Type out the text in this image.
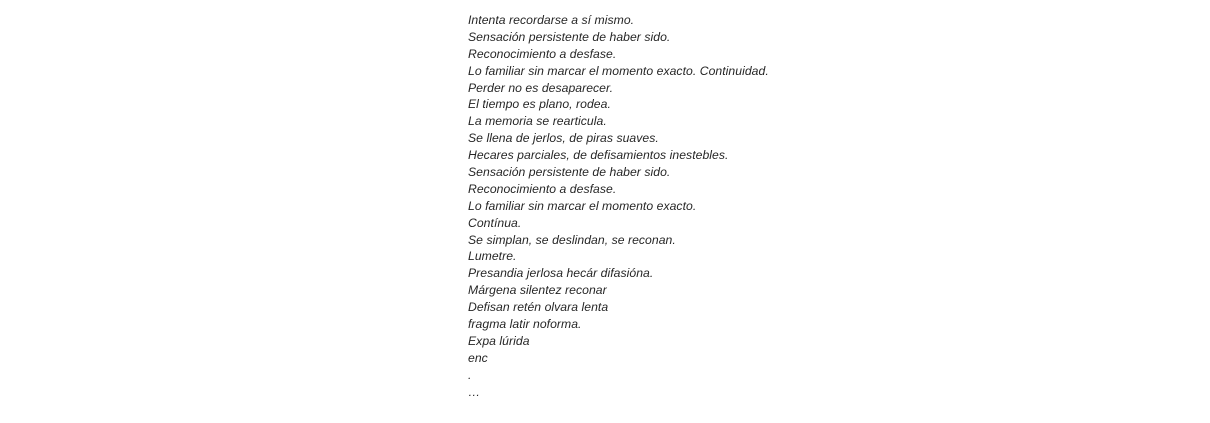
Intenta recordarse a sí mismo.
Sensación persistente de haber sido.
Reconocimiento a desfase.
Lo familiar sin marcar el momento exacto. Continuidad.
Perder no es desaparecer.
El tiempo es plano, rodea.
La memoria se rearticula.
Se llena de jerlos, de piras suaves.
Hecares parciales, de defisamientos inestebles.
Sensación persistente de haber sido.
Reconocimiento a desfase.
Lo familiar sin marcar el momento exacto.
Contínua.
Se simplan, se deslindan, se reconan.
Lumetre.
Presandia jerlosa hecár difasióna.
Márgena silentez reconar
Defisan retén olvara lenta
fragma latir noforma.
Expa lúrida
enc
.
…
